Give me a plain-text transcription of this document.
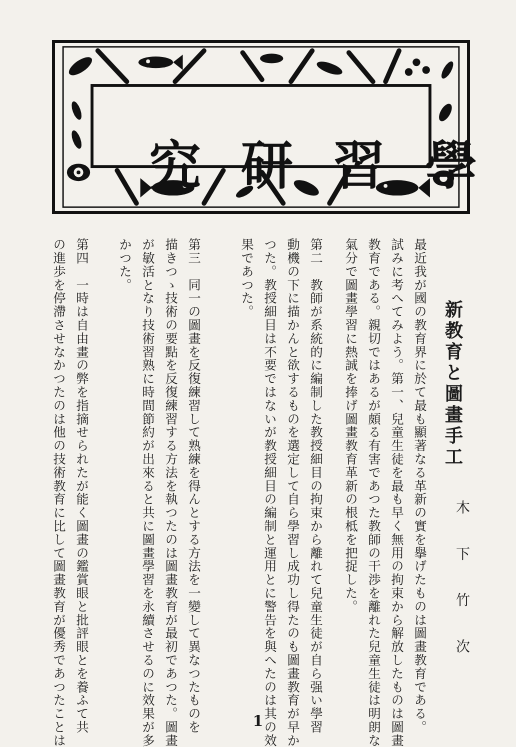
究 研 習 學
新教育と圖畫手工
木 下 竹 次
最近我が國の教育界に於て最も顯著なる革新の實を擧げたものは圖畫教育である。
試みに考へてみよう。第一、兒童生徒を最も早く無用の拘束から解放したものは圖畫
教育である。親切ではあるが頗る有害であつた教師の干渉を離れた兒童生徒は明朗な
氣分で圖畫學習に熱誠を捧げ圖畫教育革新の根柢を把捉した。
第二　教師が系統的に編制した教授細目の拘束から離れて兒童生徒が自ら强い學習
動機の下に描かんと欲するものを選定して自ら學習し成功し得たのも圖畫教育が早か
つた。教授細目は不要ではないが教授細目の編制と運用とに警告を與へたのは其の效
果であつた。
第三　同一の圖畫を反復練習して熟練を得んとする方法を一變して異なつたものを
描きつゝ技術の要點を反復練習する方法を執つたのは圖畫教育が最初であつた。圖畫
が敏活となり技術習熟に時間節約が出來ると共に圖畫學習を永續させるのに效果が多
かつた。
第四　一時は自由畫の弊を指摘せられたが能く圖畫の鑑賞眼と批評眼とを養ふて共
の進歩を停滯させなかつたのは他の技術教育に比して圖畫教育が優秀であつたことは	1
